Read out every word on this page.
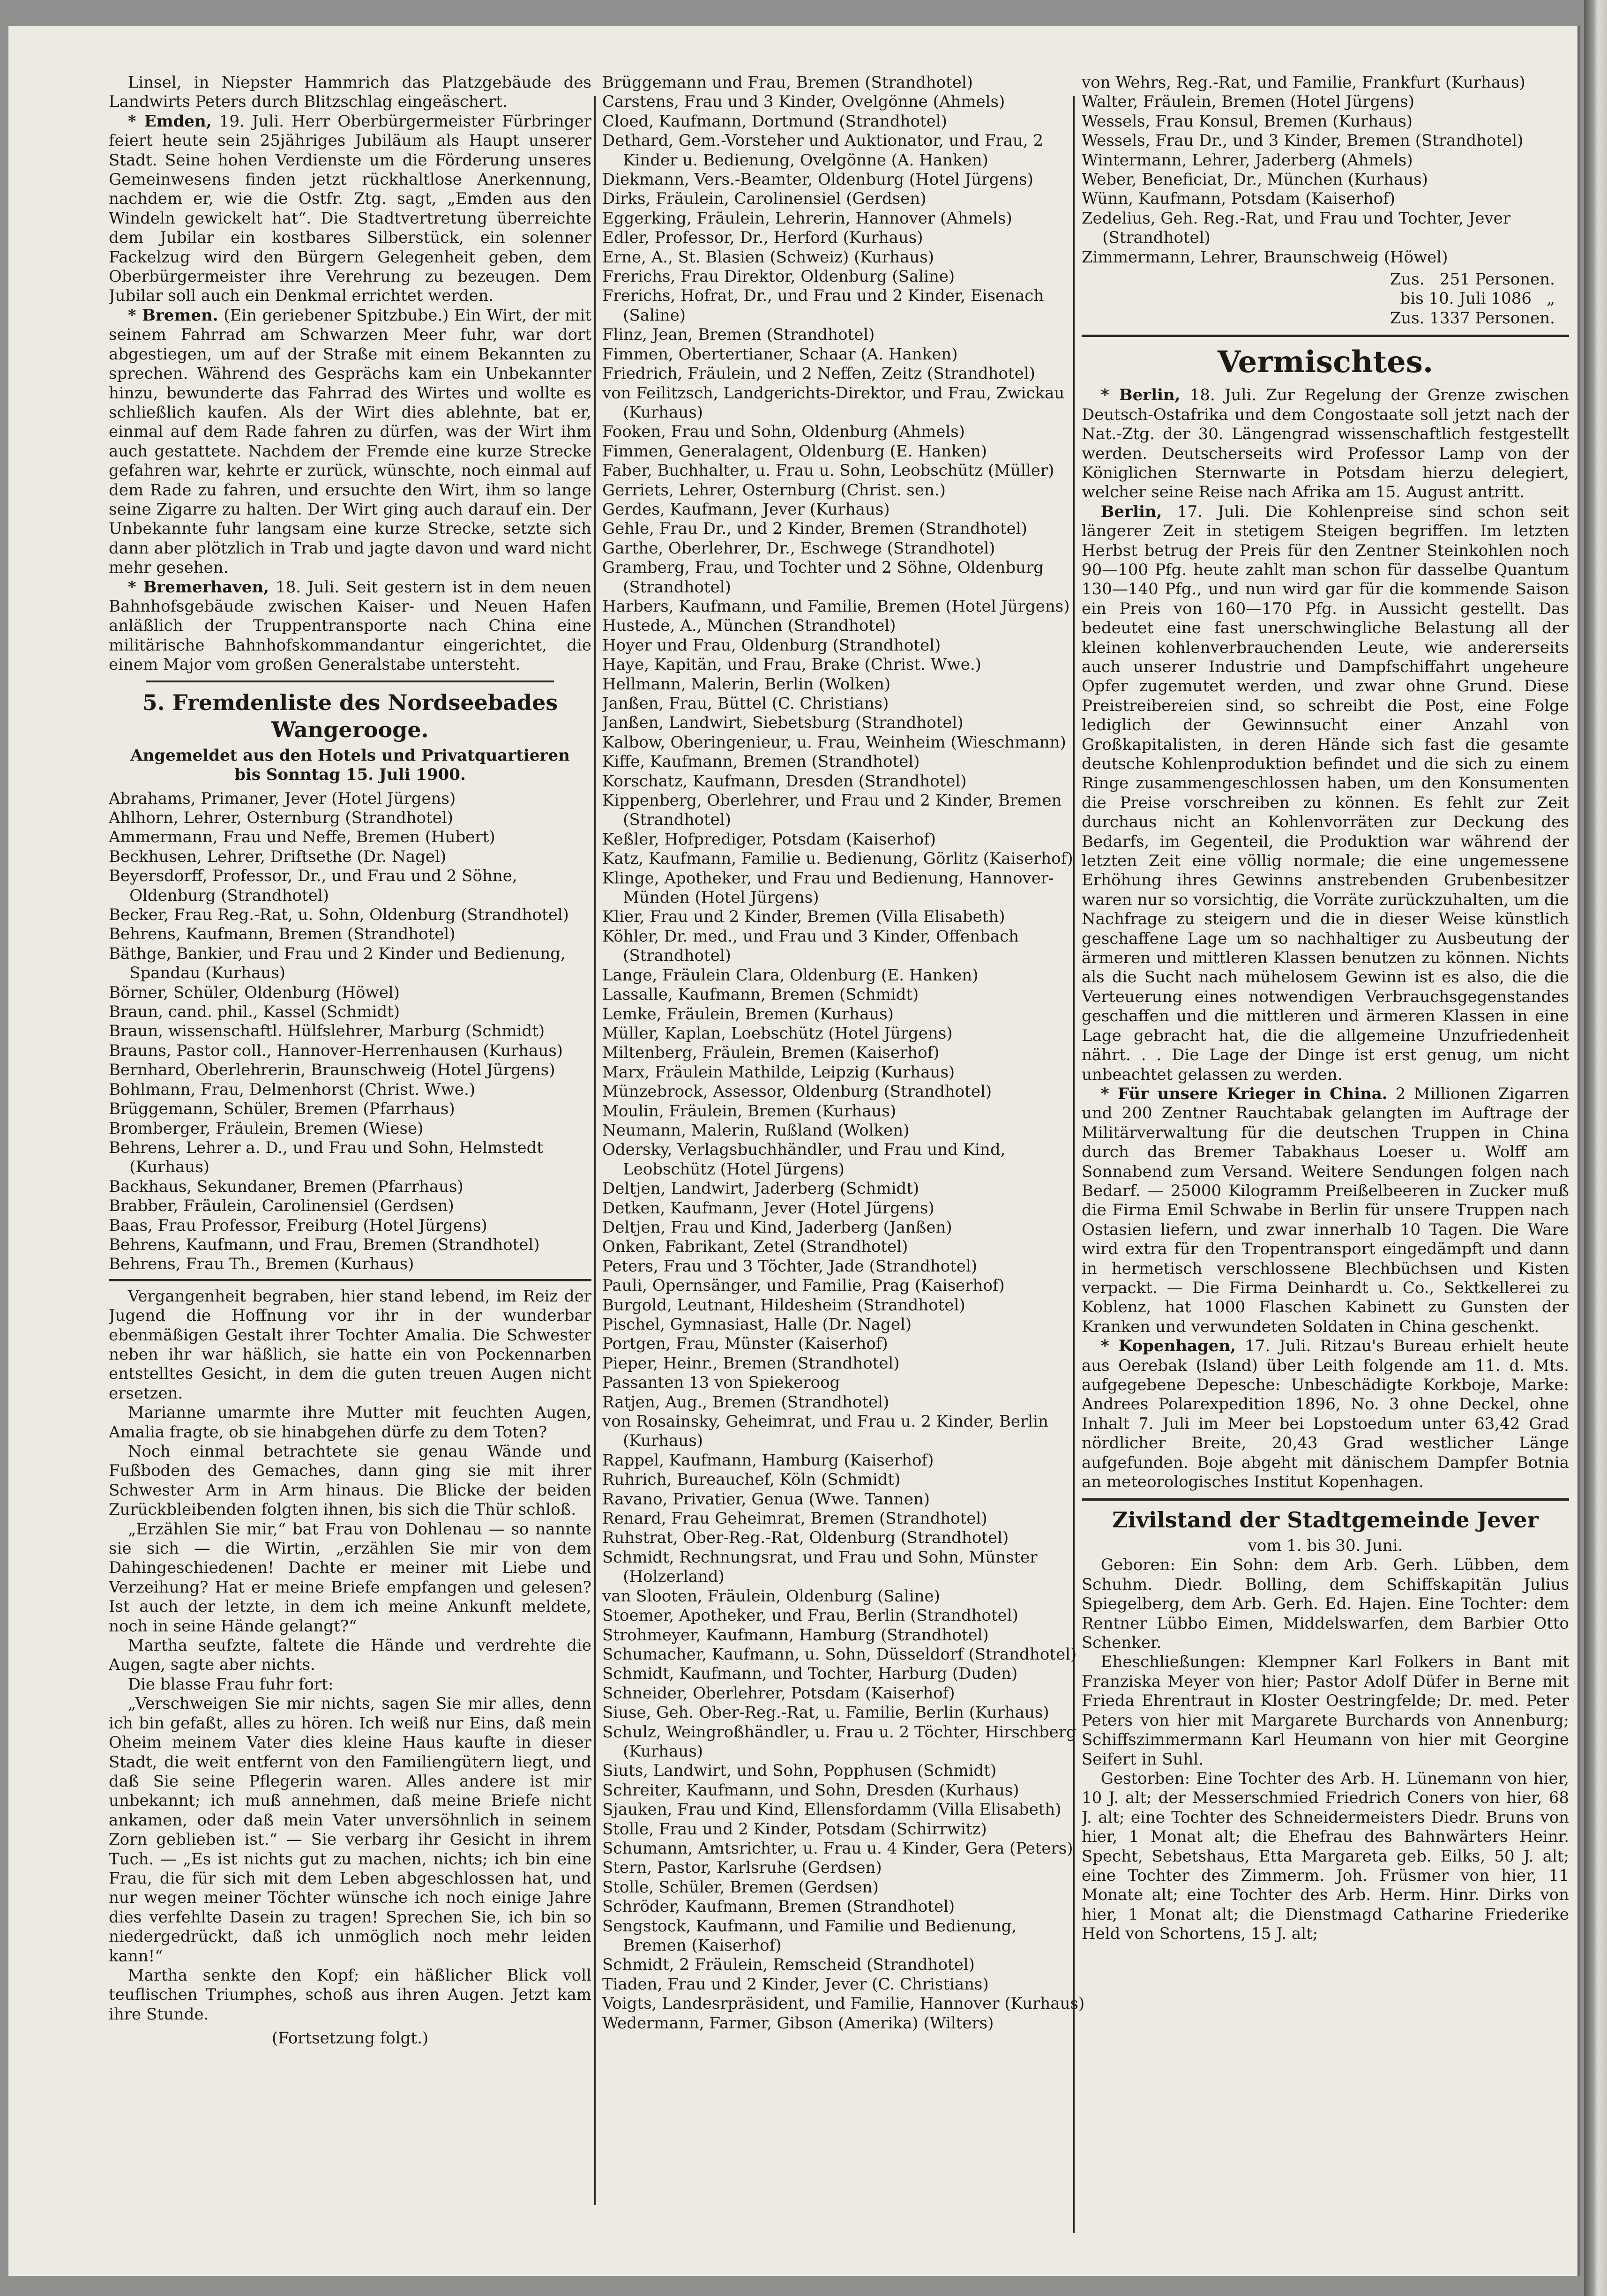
Linsel, in Niepster Hammrich das Platzgebäude des Landwirts Peters durch Blitzschlag eingeäschert.

* Emden, 19. Juli. Herr Oberbürgermeister Fürbringer feiert heute sein 25jähriges Jubiläum als Haupt unserer Stadt. Seine hohen Verdienste um die Förderung unseres Gemeinwesens finden jetzt rückhaltlose Anerkennung, nachdem er, wie die Ostfr. Ztg. sagt, „Emden aus den Windeln gewickelt hat“. Die Stadtvertretung überreichte dem Jubilar ein kostbares Silberstück, ein solenner Fackelzug wird den Bürgern Gelegenheit geben, dem Oberbürgermeister ihre Verehrung zu bezeugen. Dem Jubilar soll auch ein Denkmal errichtet werden.

* Bremen. (Ein geriebener Spitzbube.) Ein Wirt, der mit seinem Fahrrad am Schwarzen Meer fuhr, war dort abgestiegen, um auf der Straße mit einem Bekannten zu sprechen. Während des Gesprächs kam ein Unbekannter hinzu, bewunderte das Fahrrad des Wirtes und wollte es schließlich kaufen. Als der Wirt dies ablehnte, bat er, einmal auf dem Rade fahren zu dürfen, was der Wirt ihm auch gestattete. Nachdem der Fremde eine kurze Strecke gefahren war, kehrte er zurück, wünschte, noch einmal auf dem Rade zu fahren, und ersuchte den Wirt, ihm so lange seine Zigarre zu halten. Der Wirt ging auch darauf ein. Der Unbekannte fuhr langsam eine kurze Strecke, setzte sich dann aber plötzlich in Trab und jagte davon und ward nicht mehr gesehen.

* Bremerhaven, 18. Juli. Seit gestern ist in dem neuen Bahnhofsgebäude zwischen Kaiser- und Neuen Hafen anläßlich der Truppentransporte nach China eine militärische Bahnhofskommandantur eingerichtet, die einem Major vom großen Generalstabe untersteht.

5. Fremdenliste des Nordseebades Wangerooge.
Angemeldet aus den Hotels und Privatquartieren
bis Sonntag 15. Juli 1900.

Abrahams, Primaner, Jever (Hotel Jürgens)

Ahlhorn, Lehrer, Osternburg (Strandhotel)

Ammermann, Frau und Neffe, Bremen (Hubert)

Beckhusen, Lehrer, Driftsethe (Dr. Nagel)

Beyersdorff, Professor, Dr., und Frau und 2 Söhne, Oldenburg (Strandhotel)

Becker, Frau Reg.-Rat, u. Sohn, Oldenburg (Strandhotel)

Behrens, Kaufmann, Bremen (Strandhotel)

Bäthge, Bankier, und Frau und 2 Kinder und Bedienung, Spandau (Kurhaus)

Börner, Schüler, Oldenburg (Höwel)

Braun, cand. phil., Kassel (Schmidt)

Braun, wissenschaftl. Hülfslehrer, Marburg (Schmidt)

Brauns, Pastor coll., Hannover-Herrenhausen (Kurhaus)

Bernhard, Oberlehrerin, Braunschweig (Hotel Jürgens)

Bohlmann, Frau, Delmenhorst (Christ. Wwe.)

Brüggemann, Schüler, Bremen (Pfarrhaus)

Bromberger, Fräulein, Bremen (Wiese)

Behrens, Lehrer a. D., und Frau und Sohn, Helmstedt (Kurhaus)

Backhaus, Sekundaner, Bremen (Pfarrhaus)

Brabber, Fräulein, Carolinensiel (Gerdsen)

Baas, Frau Professor, Freiburg (Hotel Jürgens)

Behrens, Kaufmann, und Frau, Bremen (Strandhotel)

Behrens, Frau Th., Bremen (Kurhaus)

Vergangenheit begraben, hier stand lebend, im Reiz der Jugend die Hoffnung vor ihr in der wunderbar ebenmäßigen Gestalt ihrer Tochter Amalia. Die Schwester neben ihr war häßlich, sie hatte ein von Pockennarben entstelltes Gesicht, in dem die guten treuen Augen nicht ersetzen.

Marianne umarmte ihre Mutter mit feuchten Augen, Amalia fragte, ob sie hinabgehen dürfe zu dem Toten?

Noch einmal betrachtete sie genau Wände und Fußboden des Gemaches, dann ging sie mit ihrer Schwester Arm in Arm hinaus. Die Blicke der beiden Zurückbleibenden folgten ihnen, bis sich die Thür schloß.

„Erzählen Sie mir,“ bat Frau von Dohlenau — so nannte sie sich — die Wirtin, „erzählen Sie mir von dem Dahingeschiedenen! Dachte er meiner mit Liebe und Verzeihung? Hat er meine Briefe empfangen und gelesen? Ist auch der letzte, in dem ich meine Ankunft meldete, noch in seine Hände gelangt?“

Martha seufzte, faltete die Hände und verdrehte die Augen, sagte aber nichts.

Die blasse Frau fuhr fort:

„Verschweigen Sie mir nichts, sagen Sie mir alles, denn ich bin gefaßt, alles zu hören. Ich weiß nur Eins, daß mein Oheim meinem Vater dies kleine Haus kaufte in dieser Stadt, die weit entfernt von den Familiengütern liegt, und daß Sie seine Pflegerin waren. Alles andere ist mir unbekannt; ich muß annehmen, daß meine Briefe nicht ankamen, oder daß mein Vater unversöhnlich in seinem Zorn geblieben ist.“ — Sie verbarg ihr Gesicht in ihrem Tuch. — „Es ist nichts gut zu machen, nichts; ich bin eine Frau, die für sich mit dem Leben abgeschlossen hat, und nur wegen meiner Töchter wünsche ich noch einige Jahre dies verfehlte Dasein zu tragen! Sprechen Sie, ich bin so niedergedrückt, daß ich unmöglich noch mehr leiden kann!“

Martha senkte den Kopf; ein häßlicher Blick voll teuflischen Triumphes, schoß aus ihren Augen. Jetzt kam ihre Stunde.

(Fortsetzung folgt.)

Brüggemann und Frau, Bremen (Strandhotel)

Carstens, Frau und 3 Kinder, Ovelgönne (Ahmels)

Cloed, Kaufmann, Dortmund (Strandhotel)

Dethard, Gem.-Vorsteher und Auktionator, und Frau, 2 Kinder u. Bedienung, Ovelgönne (A. Hanken)

Diekmann, Vers.-Beamter, Oldenburg (Hotel Jürgens)

Dirks, Fräulein, Carolinensiel (Gerdsen)

Eggerking, Fräulein, Lehrerin, Hannover (Ahmels)

Edler, Professor, Dr., Herford (Kurhaus)

Erne, A., St. Blasien (Schweiz) (Kurhaus)

Frerichs, Frau Direktor, Oldenburg (Saline)

Frerichs, Hofrat, Dr., und Frau und 2 Kinder, Eisenach (Saline)

Flinz, Jean, Bremen (Strandhotel)

Fimmen, Obertertianer, Schaar (A. Hanken)

Friedrich, Fräulein, und 2 Neffen, Zeitz (Strandhotel)

von Feilitzsch, Landgerichts-Direktor, und Frau, Zwickau (Kurhaus)

Fooken, Frau und Sohn, Oldenburg (Ahmels)

Fimmen, Generalagent, Oldenburg (E. Hanken)

Faber, Buchhalter, u. Frau u. Sohn, Leobschütz (Müller)

Gerriets, Lehrer, Osternburg (Christ. sen.)

Gerdes, Kaufmann, Jever (Kurhaus)

Gehle, Frau Dr., und 2 Kinder, Bremen (Strandhotel)

Garthe, Oberlehrer, Dr., Eschwege (Strandhotel)

Gramberg, Frau, und Tochter und 2 Söhne, Oldenburg (Strandhotel)

Harbers, Kaufmann, und Familie, Bremen (Hotel Jürgens)

Hustede, A., München (Strandhotel)

Hoyer und Frau, Oldenburg (Strandhotel)

Haye, Kapitän, und Frau, Brake (Christ. Wwe.)

Hellmann, Malerin, Berlin (Wolken)

Janßen, Frau, Büttel (C. Christians)

Janßen, Landwirt, Siebetsburg (Strandhotel)

Kalbow, Oberingenieur, u. Frau, Weinheim (Wieschmann)

Kiffe, Kaufmann, Bremen (Strandhotel)

Korschatz, Kaufmann, Dresden (Strandhotel)

Kippenberg, Oberlehrer, und Frau und 2 Kinder, Bremen (Strandhotel)

Keßler, Hofprediger, Potsdam (Kaiserhof)

Katz, Kaufmann, Familie u. Bedienung, Görlitz (Kaiserhof)

Klinge, Apotheker, und Frau und Bedienung, Hannover-Münden (Hotel Jürgens)

Klier, Frau und 2 Kinder, Bremen (Villa Elisabeth)

Köhler, Dr. med., und Frau und 3 Kinder, Offenbach (Strandhotel)

Lange, Fräulein Clara, Oldenburg (E. Hanken)

Lassalle, Kaufmann, Bremen (Schmidt)

Lemke, Fräulein, Bremen (Kurhaus)

Müller, Kaplan, Loebschütz (Hotel Jürgens)

Miltenberg, Fräulein, Bremen (Kaiserhof)

Marx, Fräulein Mathilde, Leipzig (Kurhaus)

Münzebrock, Assessor, Oldenburg (Strandhotel)

Moulin, Fräulein, Bremen (Kurhaus)

Neumann, Malerin, Rußland (Wolken)

Odersky, Verlagsbuchhändler, und Frau und Kind, Leobschütz (Hotel Jürgens)

Deltjen, Landwirt, Jaderberg (Schmidt)

Detken, Kaufmann, Jever (Hotel Jürgens)

Deltjen, Frau und Kind, Jaderberg (Janßen)

Onken, Fabrikant, Zetel (Strandhotel)

Peters, Frau und 3 Töchter, Jade (Strandhotel)

Pauli, Opernsänger, und Familie, Prag (Kaiserhof)

Burgold, Leutnant, Hildesheim (Strandhotel)

Pischel, Gymnasiast, Halle (Dr. Nagel)

Portgen, Frau, Münster (Kaiserhof)

Pieper, Heinr., Bremen (Strandhotel)

Passanten 13 von Spiekeroog

Ratjen, Aug., Bremen (Strandhotel)

von Rosainsky, Geheimrat, und Frau u. 2 Kinder, Berlin (Kurhaus)

Rappel, Kaufmann, Hamburg (Kaiserhof)

Ruhrich, Bureauchef, Köln (Schmidt)

Ravano, Privatier, Genua (Wwe. Tannen)

Renard, Frau Geheimrat, Bremen (Strandhotel)

Ruhstrat, Ober-Reg.-Rat, Oldenburg (Strandhotel)

Schmidt, Rechnungsrat, und Frau und Sohn, Münster (Holzerland)

van Slooten, Fräulein, Oldenburg (Saline)

Stoemer, Apotheker, und Frau, Berlin (Strandhotel)

Strohmeyer, Kaufmann, Hamburg (Strandhotel)

Schumacher, Kaufmann, u. Sohn, Düsseldorf (Strandhotel)

Schmidt, Kaufmann, und Tochter, Harburg (Duden)

Schneider, Oberlehrer, Potsdam (Kaiserhof)

Siuse, Geh. Ober-Reg.-Rat, u. Familie, Berlin (Kurhaus)

Schulz, Weingroßhändler, u. Frau u. 2 Töchter, Hirschberg (Kurhaus)

Siuts, Landwirt, und Sohn, Popphusen (Schmidt)

Schreiter, Kaufmann, und Sohn, Dresden (Kurhaus)

Sjauken, Frau und Kind, Ellensfordamm (Villa Elisabeth)

Stolle, Frau und 2 Kinder, Potsdam (Schirrwitz)

Schumann, Amtsrichter, u. Frau u. 4 Kinder, Gera (Peters)

Stern, Pastor, Karlsruhe (Gerdsen)

Stolle, Schüler, Bremen (Gerdsen)

Schröder, Kaufmann, Bremen (Strandhotel)

Sengstock, Kaufmann, und Familie und Bedienung, Bremen (Kaiserhof)

Schmidt, 2 Fräulein, Remscheid (Strandhotel)

Tiaden, Frau und 2 Kinder, Jever (C. Christians)

Voigts, Landesrpräsident, und Familie, Hannover (Kurhaus)

Wedermann, Farmer, Gibson (Amerika) (Wilters)

von Wehrs, Reg.-Rat, und Familie, Frankfurt (Kurhaus)

Walter, Fräulein, Bremen (Hotel Jürgens)

Wessels, Frau Konsul, Bremen (Kurhaus)

Wessels, Frau Dr., und 3 Kinder, Bremen (Strandhotel)

Wintermann, Lehrer, Jaderberg (Ahmels)

Weber, Beneficiat, Dr., München (Kurhaus)

Wünn, Kaufmann, Potsdam (Kaiserhof)

Zedelius, Geh. Reg.-Rat, und Frau und Tochter, Jever (Strandhotel)

Zimmermann, Lehrer, Braunschweig (Höwel)

Zus.   251 Personen.

bis 10. Juli 1086   „

Zus. 1337 Personen.

Vermischtes.

* Berlin, 18. Juli. Zur Regelung der Grenze zwischen Deutsch-Ostafrika und dem Congostaate soll jetzt nach der Nat.-Ztg. der 30. Längengrad wissenschaftlich festgestellt werden. Deutscherseits wird Professor Lamp von der Königlichen Sternwarte in Potsdam hierzu delegiert, welcher seine Reise nach Afrika am 15. August antritt.

Berlin, 17. Juli. Die Kohlenpreise sind schon seit längerer Zeit in stetigem Steigen begriffen. Im letzten Herbst betrug der Preis für den Zentner Steinkohlen noch 90—100 Pfg. heute zahlt man schon für dasselbe Quantum 130—140 Pfg., und nun wird gar für die kommende Saison ein Preis von 160—170 Pfg. in Aussicht gestellt. Das bedeutet eine fast unerschwingliche Belastung all der kleinen kohlenverbrauchenden Leute, wie andererseits auch unserer Industrie und Dampfschiffahrt ungeheure Opfer zugemutet werden, und zwar ohne Grund. Diese Preistreibereien sind, so schreibt die Post, eine Folge lediglich der Gewinnsucht einer Anzahl von Großkapitalisten, in deren Hände sich fast die gesamte deutsche Kohlenproduktion befindet und die sich zu einem Ringe zusammengeschlossen haben, um den Konsumenten die Preise vorschreiben zu können. Es fehlt zur Zeit durchaus nicht an Kohlenvorräten zur Deckung des Bedarfs, im Gegenteil, die Produktion war während der letzten Zeit eine völlig normale; die eine ungemessene Erhöhung ihres Gewinns anstrebenden Grubenbesitzer waren nur so vorsichtig, die Vorräte zurückzuhalten, um die Nachfrage zu steigern und die in dieser Weise künstlich geschaffene Lage um so nachhaltiger zu Ausbeutung der ärmeren und mittleren Klassen benutzen zu können. Nichts als die Sucht nach mühelosem Gewinn ist es also, die die Verteuerung eines notwendigen Verbrauchsgegenstandes geschaffen und die mittleren und ärmeren Klassen in eine Lage gebracht hat, die die allgemeine Unzufriedenheit nährt. . . Die Lage der Dinge ist erst genug, um nicht unbeachtet gelassen zu werden.

* Für unsere Krieger in China. 2 Millionen Zigarren und 200 Zentner Rauchtabak gelangten im Auftrage der Militärverwaltung für die deutschen Truppen in China durch das Bremer Tabakhaus Loeser u. Wolff am Sonnabend zum Versand. Weitere Sendungen folgen nach Bedarf. — 25000 Kilogramm Preißelbeeren in Zucker muß die Firma Emil Schwabe in Berlin für unsere Truppen nach Ostasien liefern, und zwar innerhalb 10 Tagen. Die Ware wird extra für den Tropentransport eingedämpft und dann in hermetisch verschlossene Blechbüchsen und Kisten verpackt. — Die Firma Deinhardt u. Co., Sektkellerei zu Koblenz, hat 1000 Flaschen Kabinett zu Gunsten der Kranken und verwundeten Soldaten in China geschenkt.

* Kopenhagen, 17. Juli. Ritzau's Bureau erhielt heute aus Oerebak (Island) über Leith folgende am 11. d. Mts. aufgegebene Depesche: Unbeschädigte Korkboje, Marke: Andrees Polarexpedition 1896, No. 3 ohne Deckel, ohne Inhalt 7. Juli im Meer bei Lopstoedum unter 63,42 Grad nördlicher Breite, 20,43 Grad westlicher Länge aufgefunden. Boje abgeht mit dänischem Dampfer Botnia an meteorologisches Institut Kopenhagen.

Zivilstand der Stadtgemeinde Jever
vom 1. bis 30. Juni.

Geboren: Ein Sohn: dem Arb. Gerh. Lübben, dem Schuhm. Diedr. Bolling, dem Schiffskapitän Julius Spiegelberg, dem Arb. Gerh. Ed. Hajen. Eine Tochter: dem Rentner Lübbo Eimen, Middelswarfen, dem Barbier Otto Schenker.

Eheschließungen: Klempner Karl Folkers in Bant mit Franziska Meyer von hier; Pastor Adolf Düfer in Berne mit Frieda Ehrentraut in Kloster Oestringfelde; Dr. med. Peter Peters von hier mit Margarete Burchards von Annenburg; Schiffszimmermann Karl Heumann von hier mit Georgine Seifert in Suhl.

Gestorben: Eine Tochter des Arb. H. Lünemann von hier, 10 J. alt; der Messerschmied Friedrich Coners von hier, 68 J. alt; eine Tochter des Schneidermeisters Diedr. Bruns von hier, 1 Monat alt; die Ehefrau des Bahnwärters Heinr. Specht, Sebetshaus, Etta Margareta geb. Eilks, 50 J. alt; eine Tochter des Zimmerm. Joh. Früsmer von hier, 11 Monate alt; eine Tochter des Arb. Herm. Hinr. Dirks von hier, 1 Monat alt; die Dienstmagd Catharine Friederike Held von Schortens, 15 J. alt;
